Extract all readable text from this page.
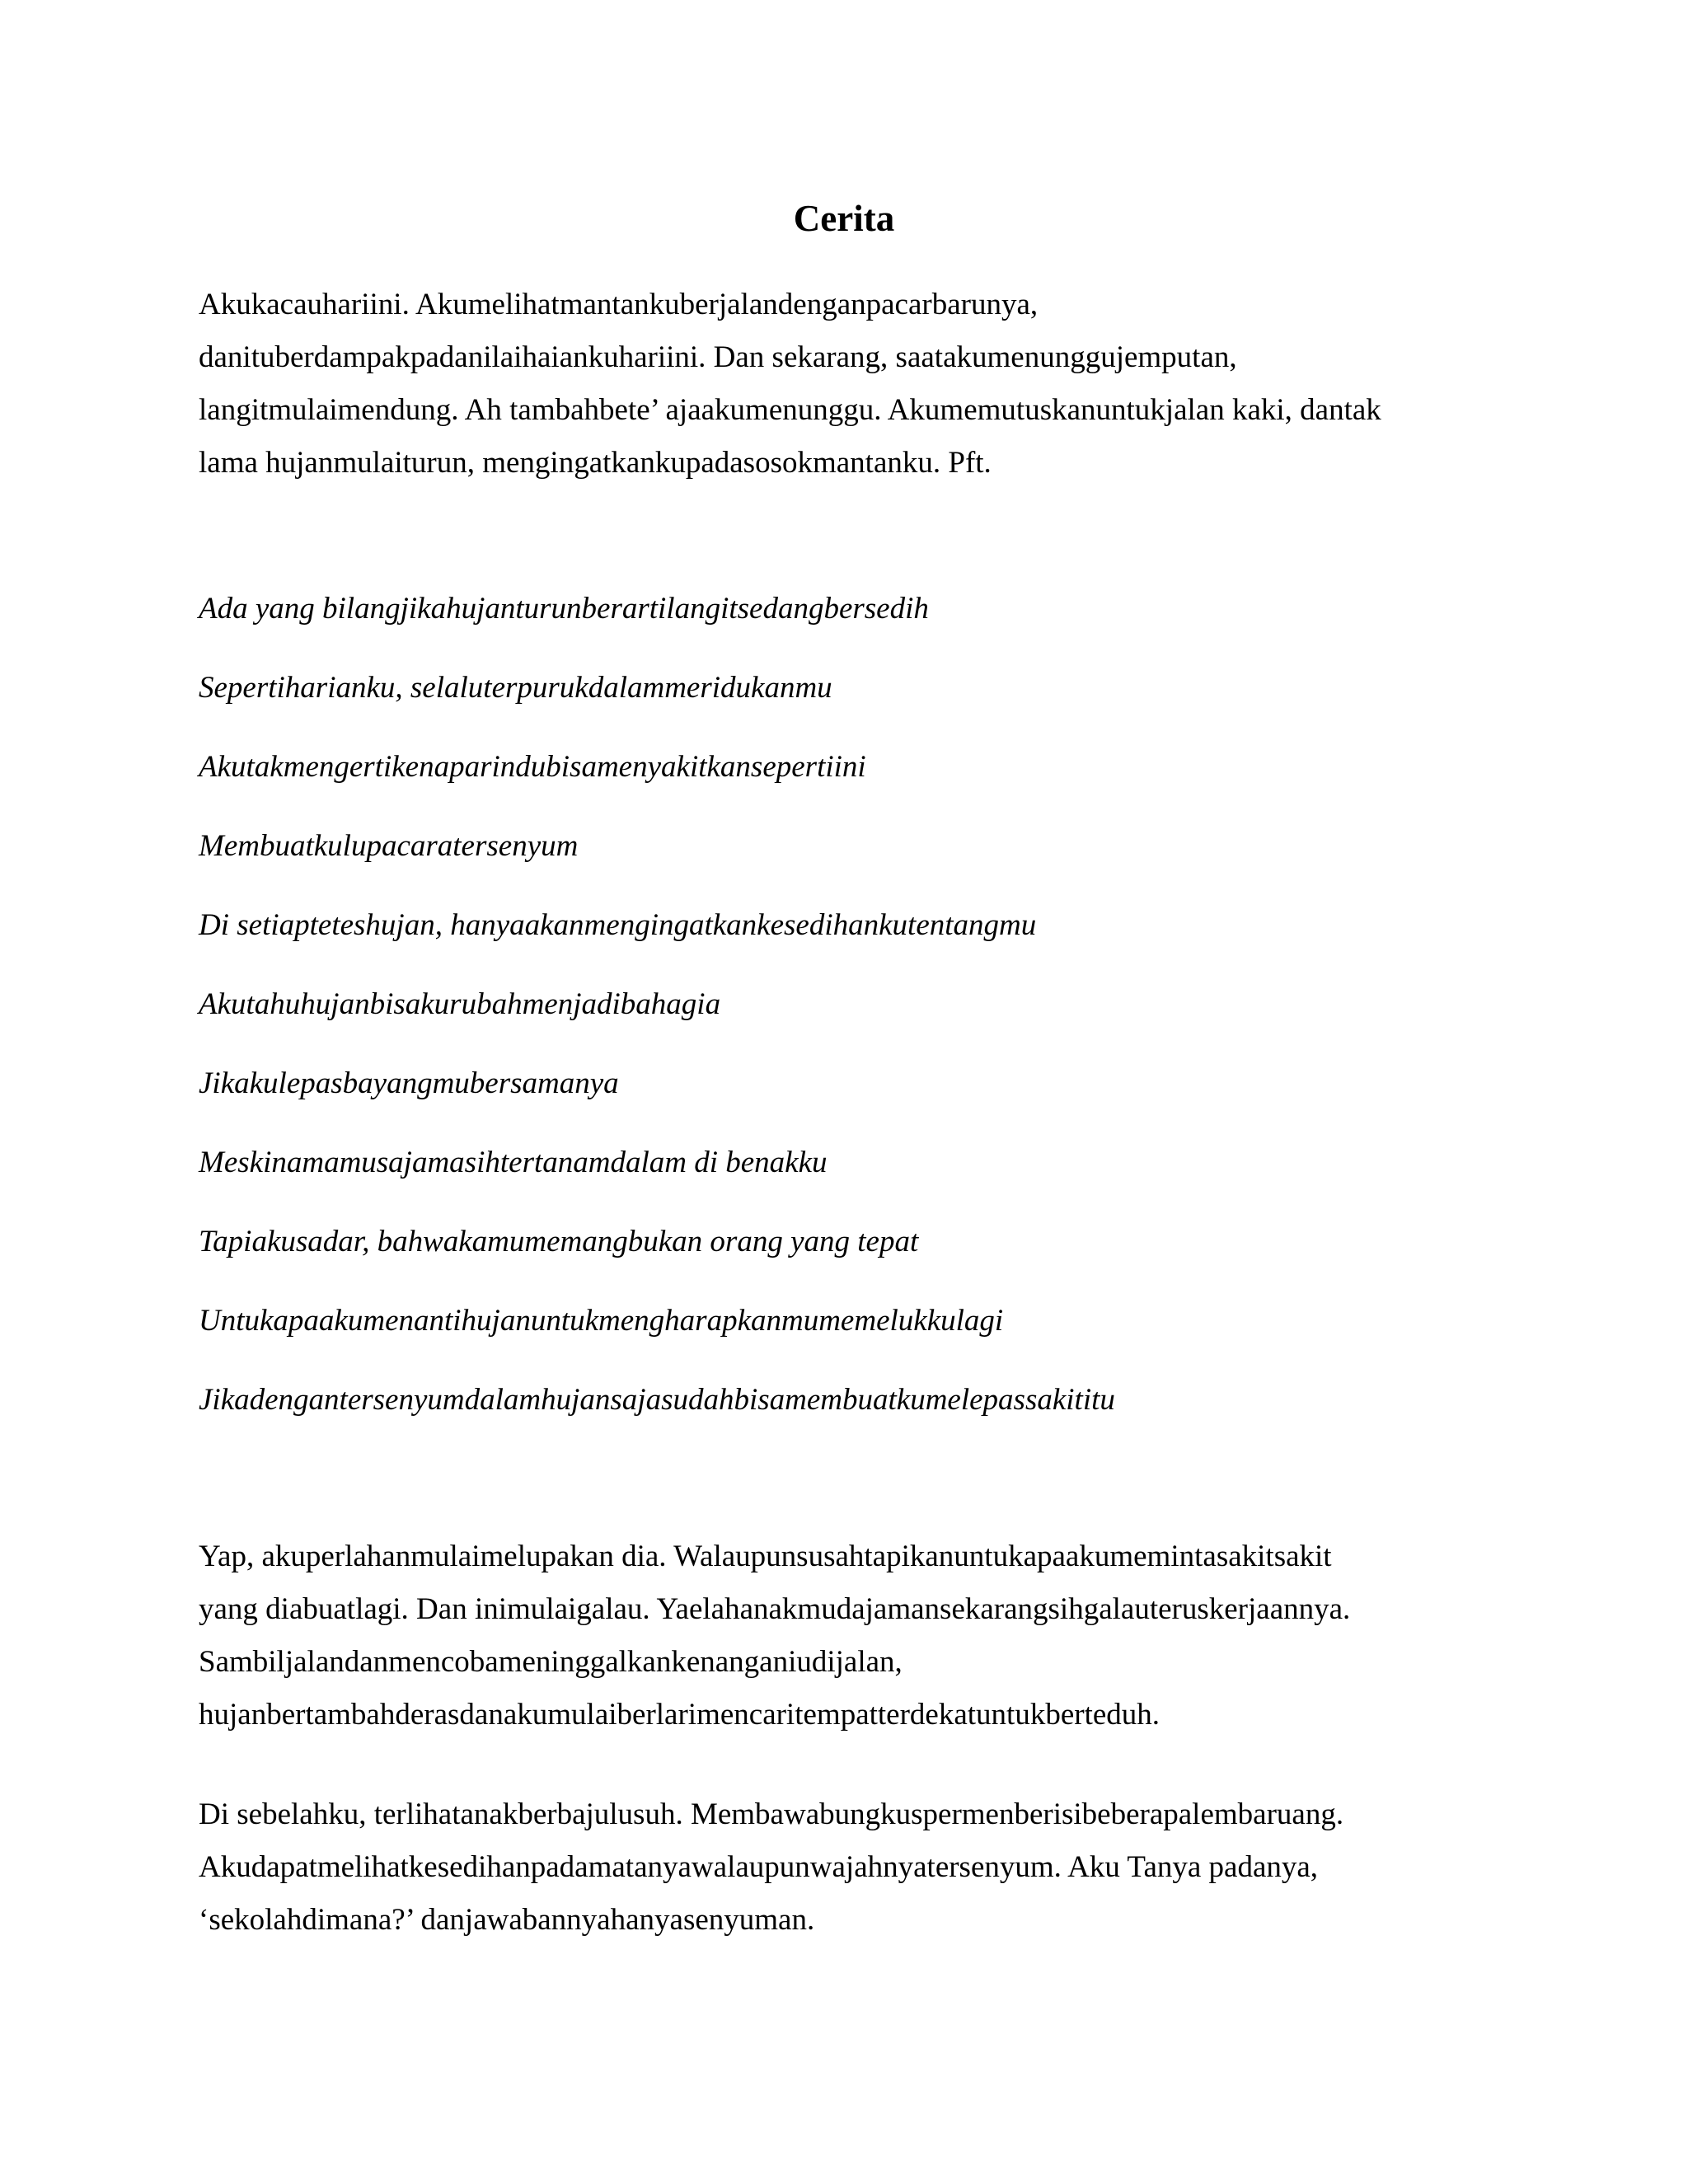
Cerita

Akukacauhariini. Akumelihatmantankuberjalandenganpacarbarunya,

danituberdampakpadanilaihaiankuhariini. Dan sekarang, saatakumenunggujemputan,

langitmulaimendung. Ah tambahbete’ ajaakumenunggu. Akumemutuskanuntukjalan kaki, dantak

lama hujanmulaiturun, mengingatkankupadasosokmantanku. Pft.

Ada yang bilangjikahujanturunberartilangitsedangbersedih

Sepertiharianku, selaluterpurukdalammeridukanmu

Akutakmengertikenaparindubisamenyakitkansepertiini

Membuatkulupacaratersenyum

Di setiapteteshujan, hanyaakanmengingatkankesedihankutentangmu

Akutahuhujanbisakurubahmenjadibahagia

Jikakulepasbayangmubersamanya

Meskinamamusajamasihtertanamdalam di benakku

Tapiakusadar, bahwakamumemangbukan orang yang tepat

Untukapaakumenantihujanuntukmengharapkanmumemelukkulagi

Jikadengantersenyumdalamhujansajasudahbisamembuatkumelepassakititu

Yap, akuperlahanmulaimelupakan dia. Walaupunsusahtapikanuntukapaakumemintasakitsakit

yang diabuatlagi. Dan inimulaigalau. Yaelahanakmudajamansekarangsihgalauteruskerjaannya.

Sambiljalandanmencobameninggalkankenanganiudijalan,

hujanbertambahderasdanakumulaiberlarimencaritempatterdekatuntukberteduh.

Di sebelahku, terlihatanakberbajulusuh. Membawabungkuspermenberisibeberapalembaruang.

Akudapatmelihatkesedihanpadamatanyawalaupunwajahnyatersenyum. Aku Tanya padanya,

‘sekolahdimana?’ danjawabannyahanyasenyuman.
